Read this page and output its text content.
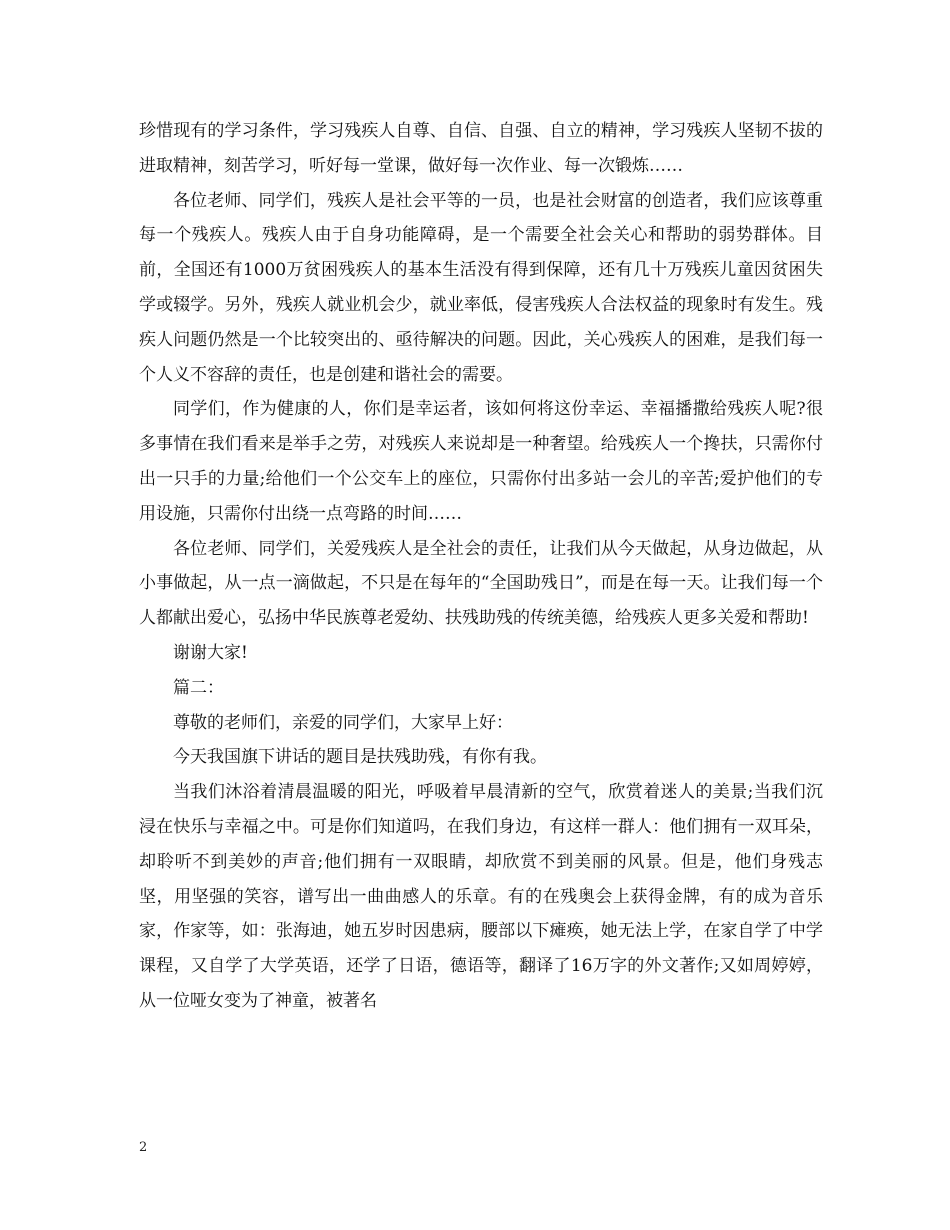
珍惜现有的学习条件，学习残疾人自尊、自信、自强、自立的精神，学习残疾人坚韧不拔的进取精神，刻苦学习，听好每一堂课，做好每一次作业、每一次锻炼……

各位老师、同学们，残疾人是社会平等的一员，也是社会财富的创造者，我们应该尊重每一个残疾人。残疾人由于自身功能障碍，是一个需要全社会关心和帮助的弱势群体。目前，全国还有1000万贫困残疾人的基本生活没有得到保障，还有几十万残疾儿童因贫困失学或辍学。另外，残疾人就业机会少，就业率低，侵害残疾人合法权益的现象时有发生。残疾人问题仍然是一个比较突出的、亟待解决的问题。因此，关心残疾人的困难，是我们每一个人义不容辞的责任，也是创建和谐社会的需要。

同学们，作为健康的人，你们是幸运者，该如何将这份幸运、幸福播撒给残疾人呢?很多事情在我们看来是举手之劳，对残疾人来说却是一种奢望。给残疾人一个搀扶，只需你付出一只手的力量;给他们一个公交车上的座位，只需你付出多站一会儿的辛苦;爱护他们的专用设施，只需你付出绕一点弯路的时间……

各位老师、同学们，关爱残疾人是全社会的责任，让我们从今天做起，从身边做起，从小事做起，从一点一滴做起，不只是在每年的“全国助残日”，而是在每一天。让我们每一个人都献出爱心，弘扬中华民族尊老爱幼、扶残助残的传统美德，给残疾人更多关爱和帮助!

谢谢大家!

篇二：

尊敬的老师们，亲爱的同学们，大家早上好：

今天我国旗下讲话的题目是扶残助残，有你有我。

当我们沐浴着清晨温暖的阳光，呼吸着早晨清新的空气，欣赏着迷人的美景;当我们沉浸在快乐与幸福之中。可是你们知道吗，在我们身边，有这样一群人：他们拥有一双耳朵，却聆听不到美妙的声音;他们拥有一双眼睛，却欣赏不到美丽的风景。但是，他们身残志坚，用坚强的笑容，谱写出一曲曲感人的乐章。有的在残奥会上获得金牌，有的成为音乐家，作家等，如：张海迪，她五岁时因患病，腰部以下瘫痪，她无法上学，在家自学了中学课程，又自学了大学英语，还学了日语，德语等，翻译了16万字的外文著作;又如周婷婷，从一位哑女变为了神童，被著名

2
